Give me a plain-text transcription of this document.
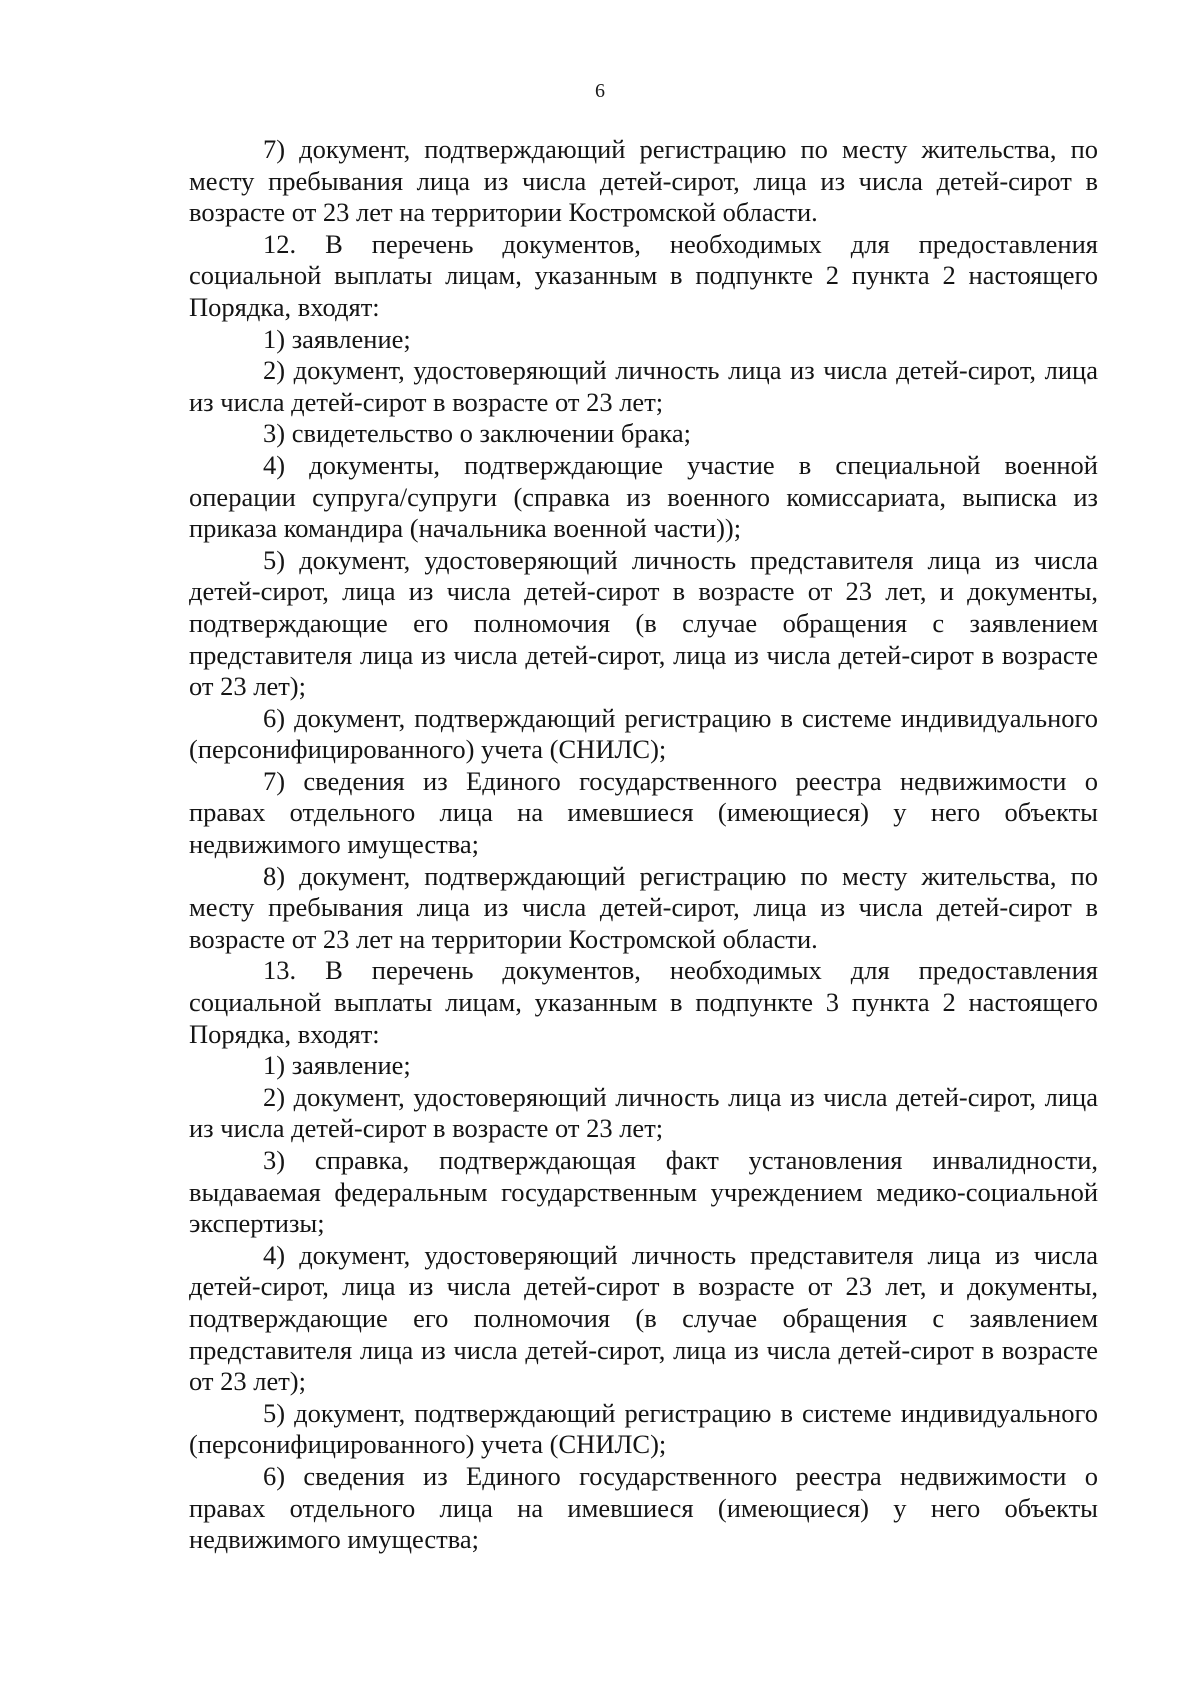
6

7) документ, подтверждающий регистрацию по месту жительства, по месту пребывания лица из числа детей-сирот, лица из числа детей-сирот в возрасте от 23 лет на территории Костромской области.

12. В перечень документов, необходимых для предоставления социальной выплаты лицам, указанным в подпункте 2 пункта 2 настоящего Порядка, входят:

1) заявление;

2) документ, удостоверяющий личность лица из числа детей-сирот, лица из числа детей-сирот в возрасте от 23 лет;

3) свидетельство о заключении брака;

4) документы, подтверждающие участие в специальной военной операции супруга/супруги (справка из военного комиссариата, выписка из приказа командира (начальника военной части));

5) документ, удостоверяющий личность представителя лица из числа детей-сирот, лица из числа детей-сирот в возрасте от 23 лет, и документы, подтверждающие его полномочия (в случае обращения с заявлением представителя лица из числа детей-сирот, лица из числа детей-сирот в возрасте от 23 лет);

6) документ, подтверждающий регистрацию в системе индивидуального (персонифицированного) учета (СНИЛС);

7) сведения из Единого государственного реестра недвижимости о правах отдельного лица на имевшиеся (имеющиеся) у него объекты недвижимого имущества;

8) документ, подтверждающий регистрацию по месту жительства, по месту пребывания лица из числа детей-сирот, лица из числа детей-сирот в возрасте от 23 лет на территории Костромской области.

13. В перечень документов, необходимых для предоставления социальной выплаты лицам, указанным в подпункте 3 пункта 2 настоящего Порядка, входят:

1) заявление;

2) документ, удостоверяющий личность лица из числа детей-сирот, лица из числа детей-сирот в возрасте от 23 лет;

3) справка, подтверждающая факт установления инвалидности, выдаваемая федеральным государственным учреждением медико-социальной экспертизы;

4) документ, удостоверяющий личность представителя лица из числа детей-сирот, лица из числа детей-сирот в возрасте от 23 лет, и документы, подтверждающие его полномочия (в случае обращения с заявлением представителя лица из числа детей-сирот, лица из числа детей-сирот в возрасте от 23 лет);

5) документ, подтверждающий регистрацию в системе индивидуального (персонифицированного) учета (СНИЛС);

6) сведения из Единого государственного реестра недвижимости о правах отдельного лица на имевшиеся (имеющиеся) у него объекты недвижимого имущества;
